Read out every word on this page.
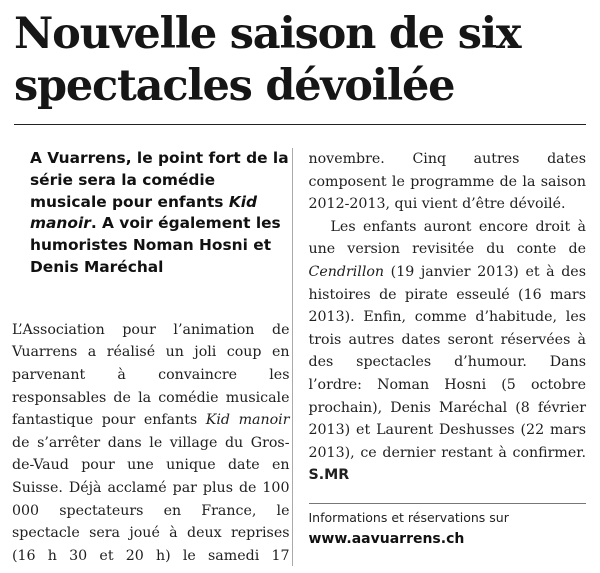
Nouvelle saison de six spectacles dévoilée

A Vuarrens, le point fort de la série sera la comédie musicale pour enfants Kid manoir. A voir également les humoristes Noman Hosni et Denis Maréchal

L’Association pour l’animation de Vuarrens a réalisé un joli coup en parvenant à convaincre les responsables de la comédie musicale fantastique pour enfants Kid manoir de s’arrêter dans le village du Gros-de-Vaud pour une unique date en Suisse. Déjà acclamé par plus de 100 000 spectateurs en France, le spectacle sera joué à deux reprises (16 h 30 et 20 h) le samedi 17 novembre. Cinq autres dates composent le programme de la saison 2012-2013, qui vient d’être dévoilé.

Les enfants auront encore droit à une version revisitée du conte de Cendrillon (19 janvier 2013) et à des histoires de pirate esseulé (16 mars 2013). Enfin, comme d’habitude, les trois autres dates seront réservées à des spectacles d’humour. Dans l’ordre: Noman Hosni (5 octobre prochain), Denis Maréchal (8 février 2013) et Laurent Deshusses (22 mars 2013), ce dernier restant à confirmer. S.MR

Informations et réservations sur

www.aavuarrens.ch
